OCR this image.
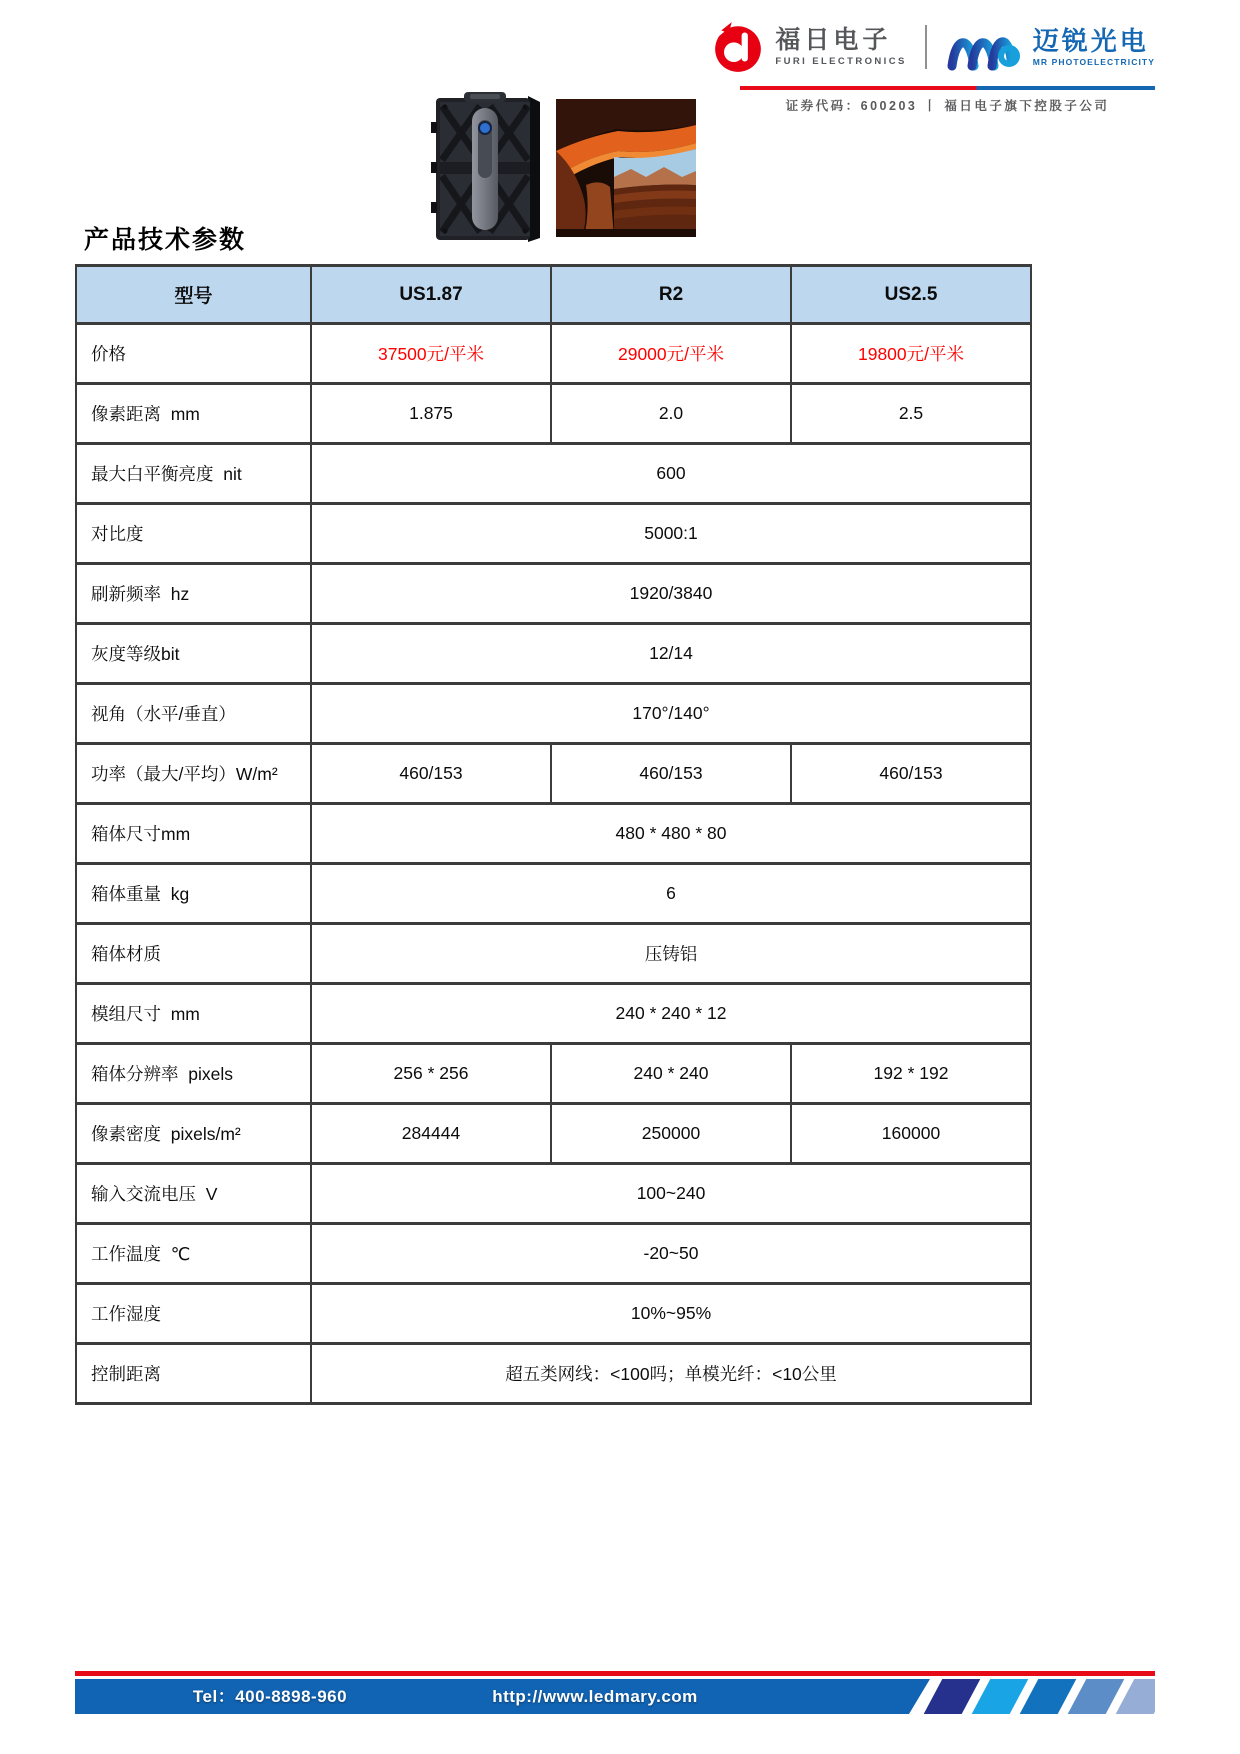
福日电子
FURI ELECTRONICS
迈锐光电
MR PHOTOELECTRICITY
证券代码：600203 丨 福日电子旗下控股子公司
产品技术参数
型号	US1.87	R2	US2.5
价格	37500元/平米	29000元/平米	19800元/平米
像素距离  mm	1.875	2.0	2.5
最大白平衡亮度  nit	600		
对比度	5000:1		
刷新频率  hz	1920/3840		
灰度等级bit	12/14		
视角（水平/垂直）	170°/140°		
功率（最大/平均）W/m²	460/153	460/153	460/153
箱体尺寸mm	480 * 480 * 80		
箱体重量  kg	6		
箱体材质	压铸铝		
模组尺寸  mm	240 * 240 * 12		
箱体分辨率  pixels	256 * 256	240 * 240	192 * 192
像素密度  pixels/m²	284444	250000	160000
输入交流电压  V	100~240		
工作温度  ℃	-20~50		
工作湿度	10%~95%		
控制距离	超五类网线：<100吗；单模光纤：<10公里		
Tel：400-8898-960	http://www.ledmary.com
